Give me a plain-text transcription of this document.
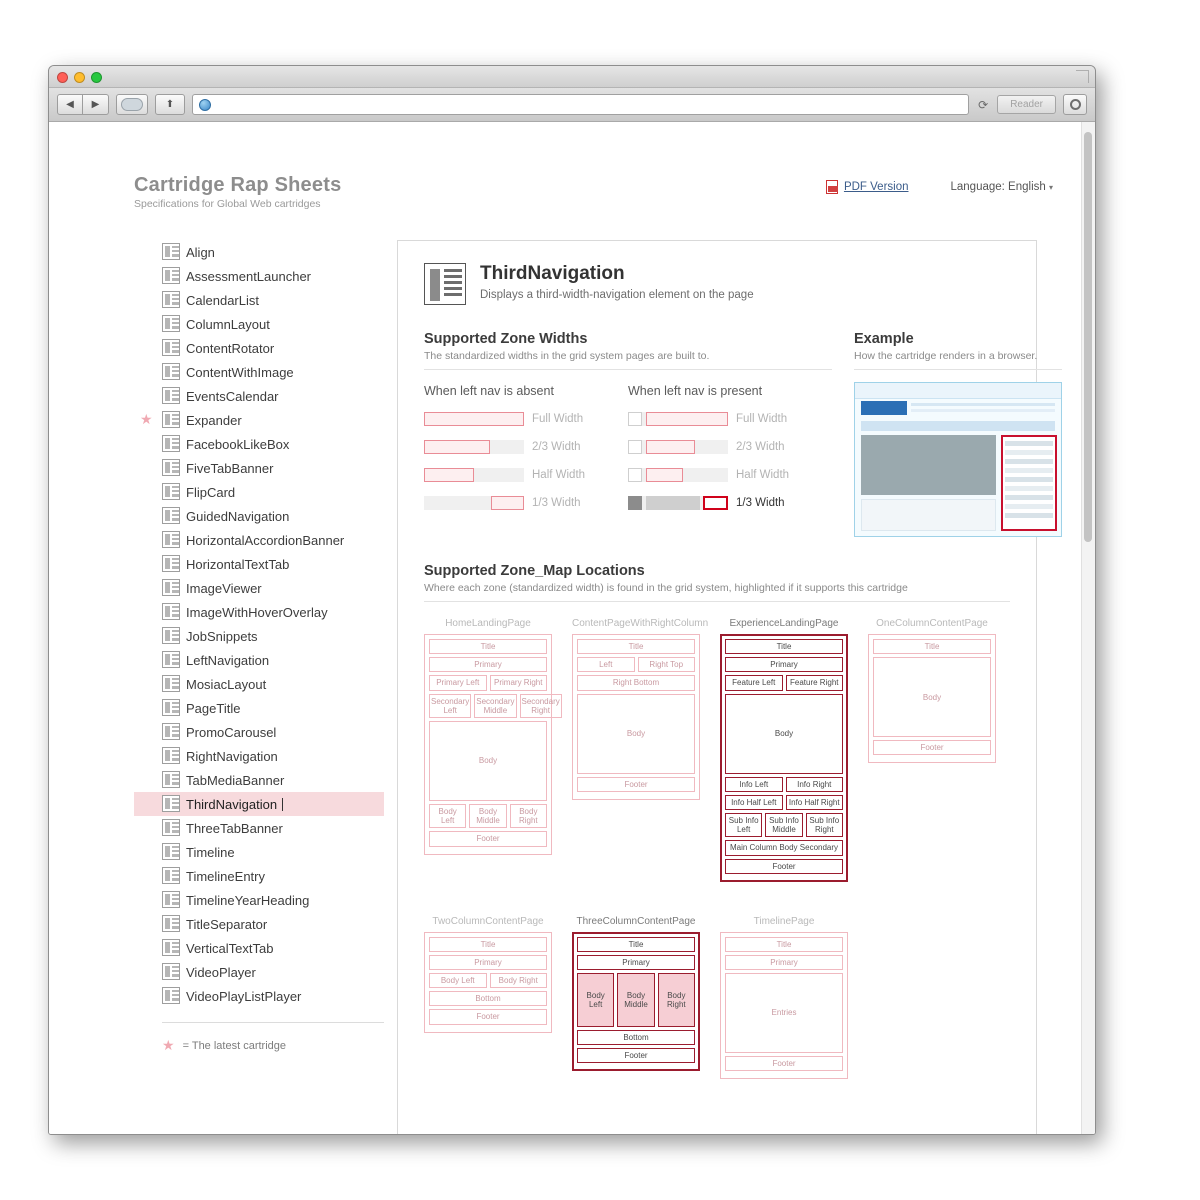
◀	▶	⬆	⟳	Reader
Cartridge Rap Sheets
Specifications for Global Web cartridges
PDF Version	Language: English ▾
Align
AssessmentLauncher
CalendarList
ColumnLayout
ContentRotator
ContentWithImage
EventsCalendar
★	Expander
FacebookLikeBox
FiveTabBanner
FlipCard
GuidedNavigation
HorizontalAccordionBanner
HorizontalTextTab
ImageViewer
ImageWithHoverOverlay
JobSnippets
LeftNavigation
MosiacLayout
PageTitle
PromoCarousel
RightNavigation
TabMediaBanner
ThirdNavigation

ThreeTabBanner
Timeline
TimelineEntry
TimelineYearHeading
TitleSeparator
VerticalTextTab
VideoPlayer
VideoPlayListPlayer
★ = The latest cartridge
ThirdNavigation
Displays a third-width-navigation element on the page
Supported Zone Widths
The standardized widths in the grid system pages are built to.
When left nav is absent
Full Width
2/3 Width
Half Width
1/3 Width
When left nav is present
Full Width
2/3 Width
Half Width
1/3 Width
Example
How the cartridge renders in a browser.
Supported Zone_Map Locations
Where each zone (standardized width) is found in the grid system, highlighted if it supports this cartridge
HomeLandingPage
Title
Primary
Primary Left	Primary Right
Secondary Left
Secondary Middle
Secondary Right
Body
Body Left
Body Middle
Body Right
Footer
ContentPageWithRightColumn
Title
Left	Right Top
Right Bottom
Body
Footer
ExperienceLandingPage
Title
Primary
Feature Left	Feature Right
Body
Info Left	Info Right
Info Half Left	Info Half Right
Sub Info Left
Sub Info Middle
Sub Info Right
Main Column Body Secondary
Footer
OneColumnContentPage
Title
Body
Footer
TwoColumnContentPage
Title
Primary
Body Left	Body Right
Bottom
Footer
ThreeColumnContentPage
Title
Primary
Body Left
Body Middle
Body Right
Bottom
Footer
TimelinePage
Title
Primary
Entries
Footer
